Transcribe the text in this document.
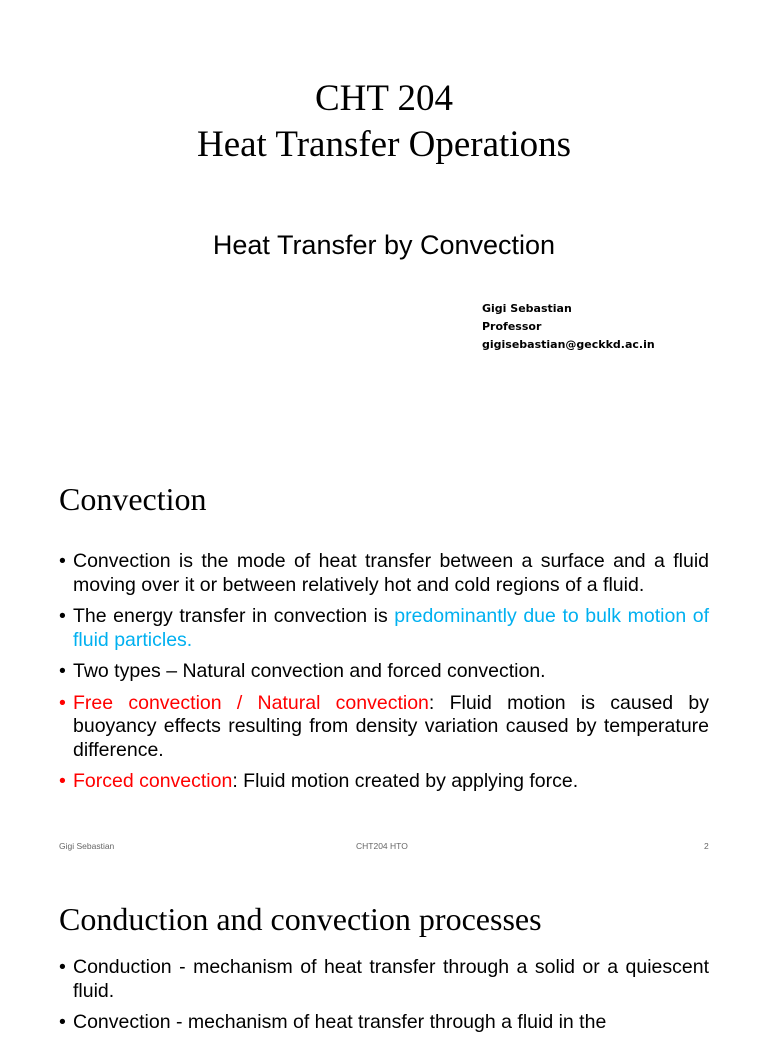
CHT 204
Heat Transfer Operations
Heat Transfer by Convection
Gigi Sebastian
Professor
gigisebastian@geckkd.ac.in
Convection
• Convection is the mode of heat transfer between a surface and a fluid moving over it or between relatively hot and cold regions of a fluid.
• The energy transfer in convection is predominantly due to bulk motion of fluid particles.
• Two types – Natural convection and forced convection.
• Free convection / Natural convection: Fluid motion is caused by buoyancy effects resulting from density variation caused by temperature difference.
• Forced convection: Fluid motion created by applying force.
Gigi Sebastian	CHT204 HTO	2
Conduction and convection processes
• Conduction - mechanism of heat transfer through a solid or a quiescent fluid.
• Convection - mechanism of heat transfer through a fluid in the
